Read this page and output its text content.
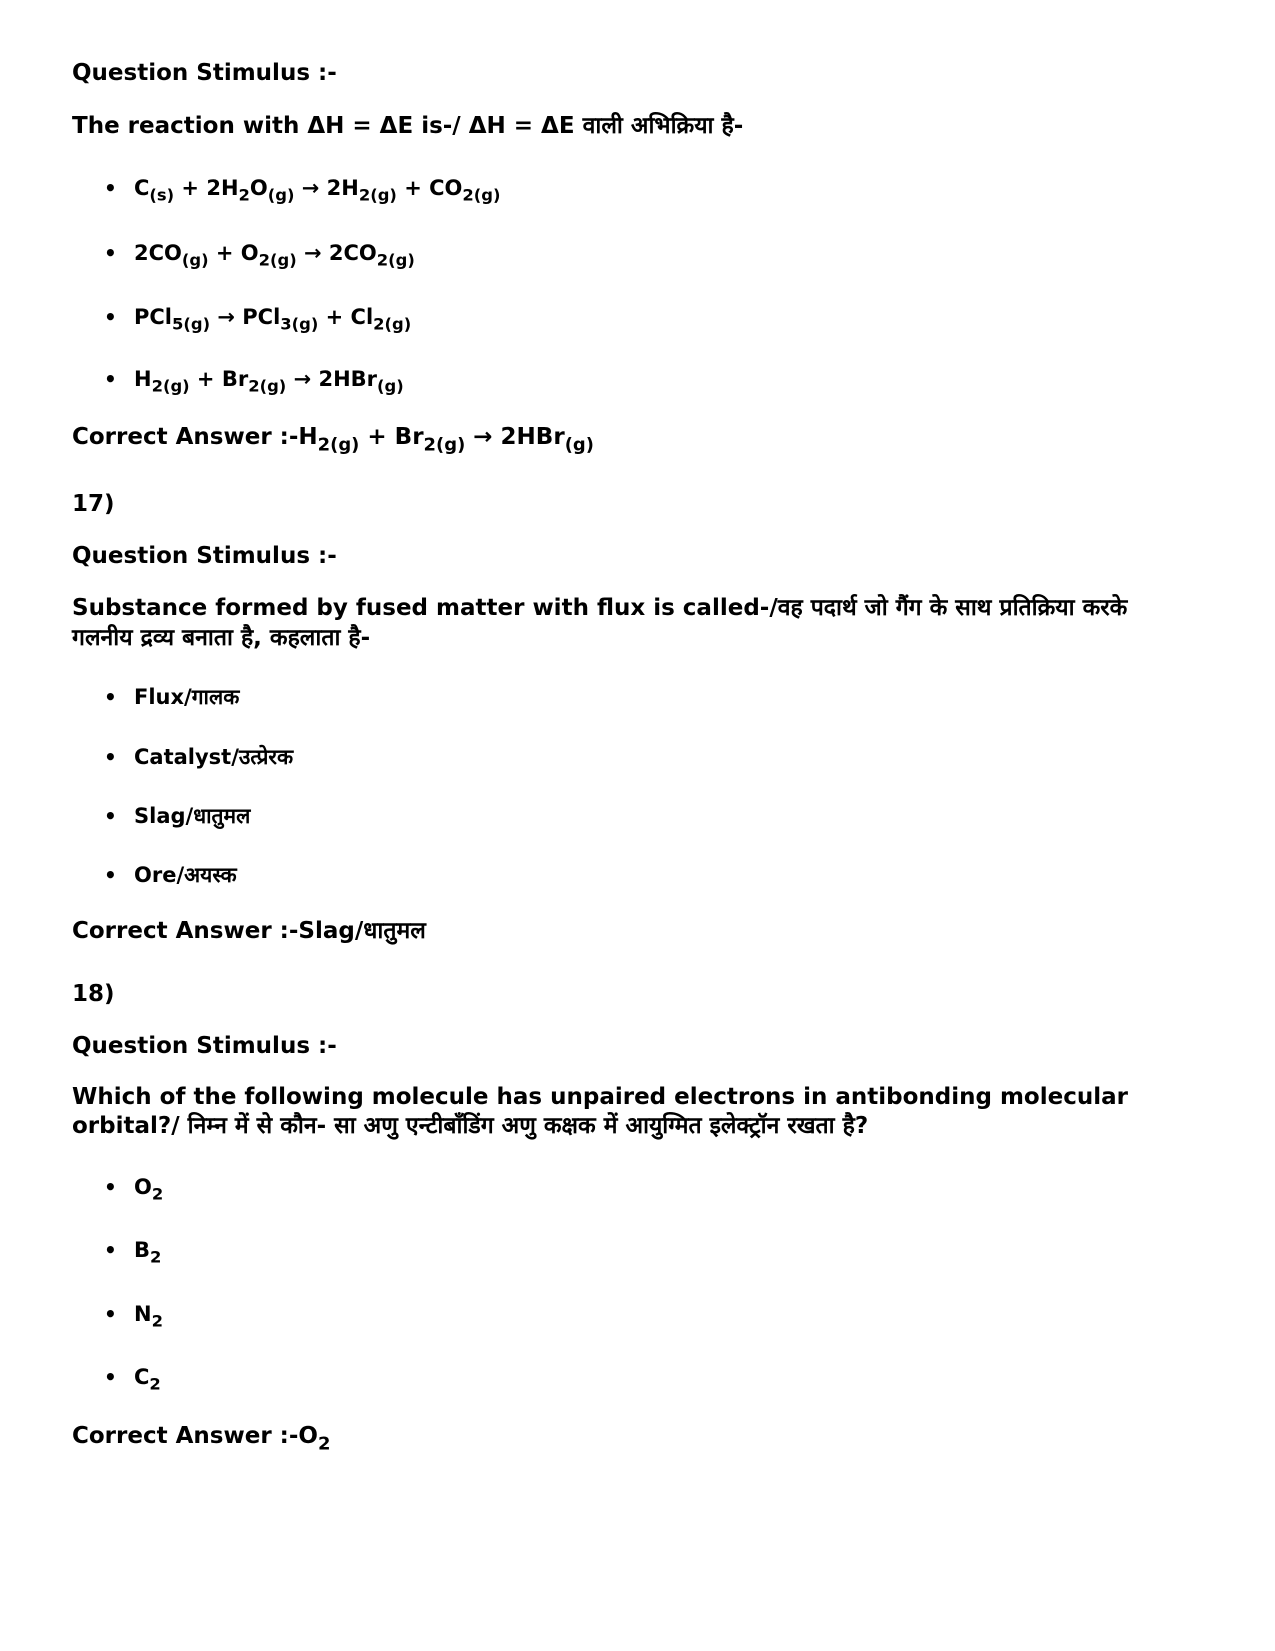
Question Stimulus :-
The reaction with ΔH = ΔE is-/ ΔH = ΔE वाली अभिक्रिया है-
• $C_{(s)} + 2H_2O_{(g)} \to 2H_{2(g)} + CO_{2(g)}$
• $2CO_{(g)} + O_{2(g)} \to 2CO_{2(g)}$
• $PCl_{5(g)} \to PCl_{3(g)} + Cl_{2(g)}$
• $H_{2(g)} + Br_{2(g)} \to 2HBr_{(g)}$
Correct Answer $:-H_{2(g)} + Br_{2(g)} \to 2HBr_{(g)}$
17)
Question Stimulus :-
Substance formed by fused matter with flux is called-/वह पदार्थ जो गैंग के साथ प्रतिक्रिया करके
गलनीय द्रव्य बनाता है, कहलाता है-
• Flux/गालक
• Catalyst/उत्प्रेरक
• Slag/धातुमल
• Ore/अयस्क
Correct Answer :-Slag/धातुमल
18)
Question Stimulus :-
Which of the following molecule has unpaired electrons in antibonding molecular
orbital?/ निम्न में से कौन- सा अणु एन्टीबाँडिंग अणु कक्षक में आयुग्मित इलेक्ट्रॉन रखता है?
• $O_2$
• $B_2$
• $N_2$
• $C_2$
Correct Answer $:-O_2$
